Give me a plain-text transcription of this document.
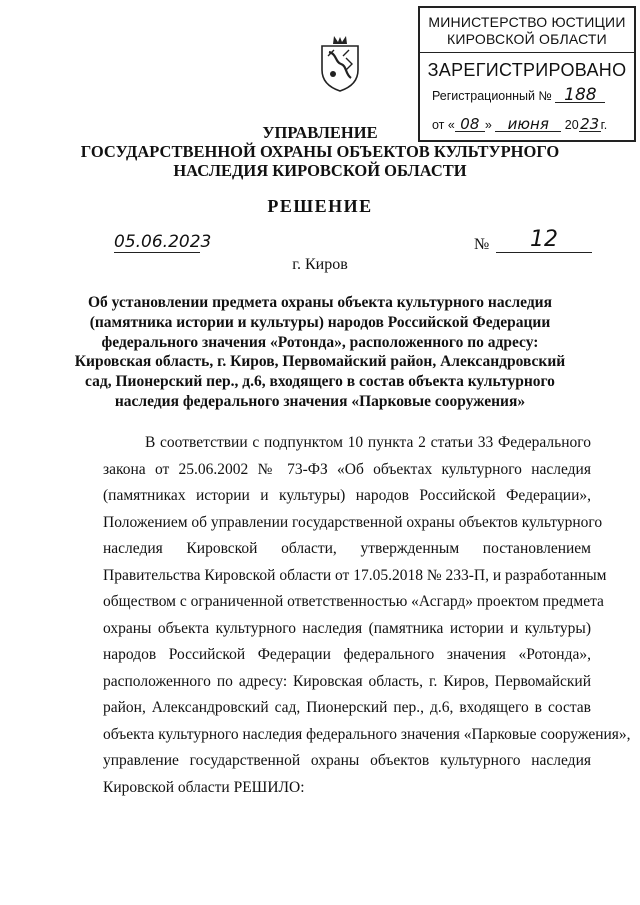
МИНИСТЕРСТВО ЮСТИЦИИ
КИРОВСКОЙ ОБЛАСТИ
ЗАРЕГИСТРИРОВАНО
Регистрационный № 188
от « 08 » июня 2023г.
УПРАВЛЕНИЕ
ГОСУДАРСТВЕННОЙ ОХРАНЫ ОБЪЕКТОВ КУЛЬТУРНОГО
НАСЛЕДИЯ КИРОВСКОЙ ОБЛАСТИ
РЕШЕНИЕ
05.06.2023	№	12
г. Киров
Об установлении предмета охраны объекта культурного наследия
(памятника истории и культуры) народов Российской Федерации
федерального значения «Ротонда», расположенного по адресу:
Кировская область, г. Киров, Первомайский район, Александровский
сад, Пионерский пер., д.6, входящего в состав объекта культурного
наследия федерального значения «Парковые сооружения»
В соответствии с подпунктом 10 пункта 2 статьи 33 Федерального
закона от 25.06.2002 № 73-ФЗ «Об объектах культурного наследия
(памятниках истории и культуры) народов Российской Федерации»,
Положением об управлении государственной охраны объектов культурного
наследия Кировской области, утвержденным постановлением
Правительства Кировской области от 17.05.2018 № 233-П, и разработанным
обществом с ограниченной ответственностью «Асгард» проектом предмета
охраны объекта культурного наследия (памятника истории и культуры)
народов Российской Федерации федерального значения «Ротонда»,
расположенного по адресу: Кировская область, г. Киров, Первомайский
район, Александровский сад, Пионерский пер., д.6, входящего в состав
объекта культурного наследия федерального значения «Парковые сооружения»,
управление государственной охраны объектов культурного наследия
Кировской области РЕШИЛО:
